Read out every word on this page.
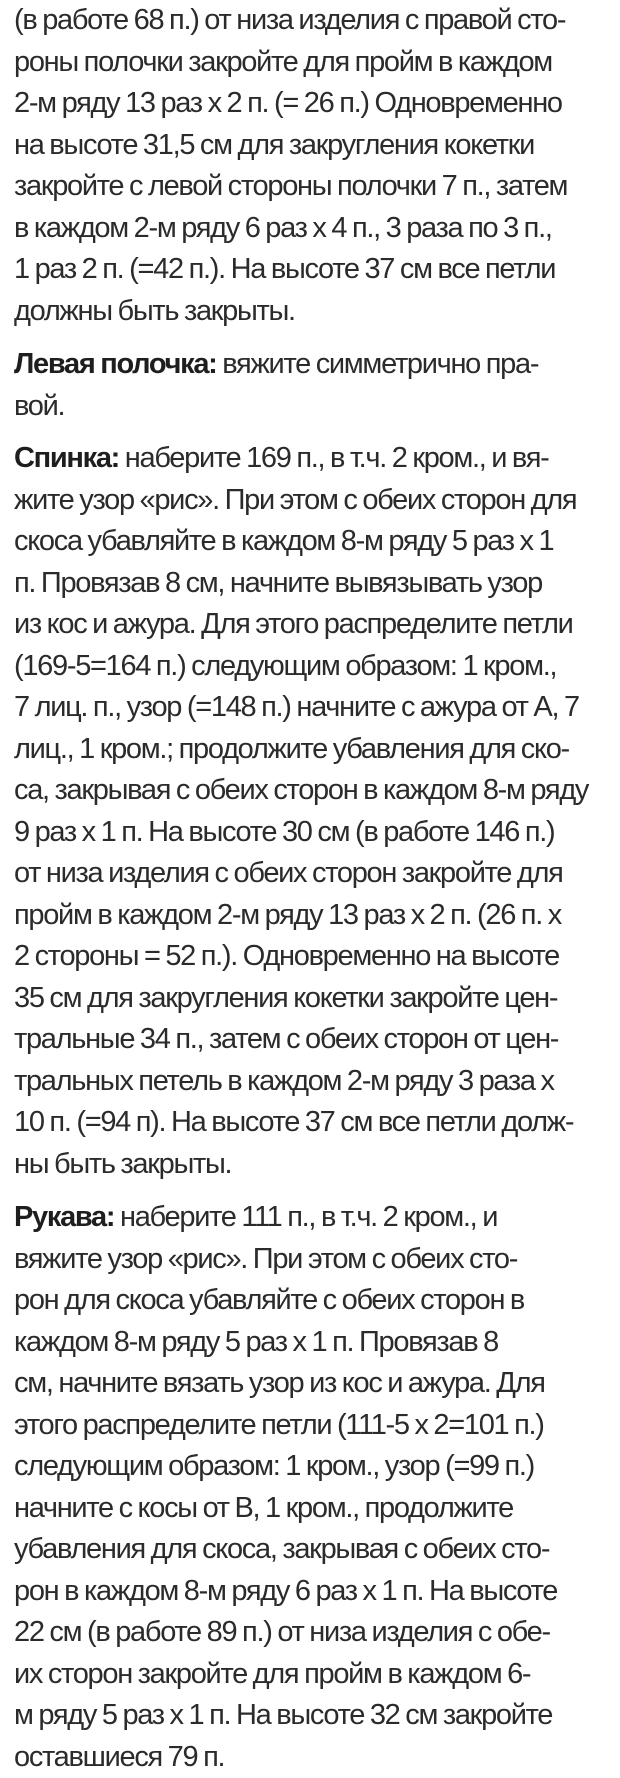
(в работе 68 п.) от низа изделия с правой сто-
роны полочки закройте для пройм в каждом
2-м ряду 13 раз x 2 п. (= 26 п.) Одновременно
на высоте 31,5 см для закругления кокетки
закройте с левой стороны полочки 7 п., затем
в каждом 2-м ряду 6 раз x 4 п., 3 раза по 3 п.,
1 раз 2 п. (=42 п.). На высоте 37 см все петли
должны быть закрыты.
Левая полочка: вяжите симметрично пра-
вой.
Спинка: наберите 169 п., в т.ч. 2 кром., и вя-
жите узор «рис». При этом с обеих сторон для
скоса убавляйте в каждом 8-м ряду 5 раз x 1
п. Провязав 8 см, начните вывязывать узор
из кос и ажура. Для этого распределите петли
(169-5=164 п.) следующим образом: 1 кром.,
7 лиц. п., узор (=148 п.) начните с ажура от А, 7
лиц., 1 кром.; продолжите убавления для ско-
са, закрывая с обеих сторон в каждом 8-м ряду
9 раз x 1 п. На высоте 30 см (в работе 146 п.)
от низа изделия с обеих сторон закройте для
пройм в каждом 2-м ряду 13 раз x 2 п. (26 п. x
2 стороны = 52 п.). Одновременно на высоте
35 см для закругления кокетки закройте цен-
тральные 34 п., затем с обеих сторон от цен-
тральных петель в каждом 2-м ряду 3 раза x
10 п. (=94 п). На высоте 37 см все петли долж-
ны быть закрыты.
Рукава: наберите 111 п., в т.ч. 2 кром., и
вяжите узор «рис». При этом с обеих сто-
рон для скоса убавляйте с обеих сторон в
каждом 8-м ряду 5 раз x 1 п. Провязав 8
см, начните вязать узор из кос и ажура. Для
этого распределите петли (111-5 x 2=101 п.)
следующим образом: 1 кром., узор (=99 п.)
начните с косы от В, 1 кром., продолжите
убавления для скоса, закрывая с обеих сто-
рон в каждом 8-м ряду 6 раз x 1 п. На высоте
22 см (в работе 89 п.) от низа изделия с обе-
их сторон закройте для пройм в каждом 6-
м ряду 5 раз x 1 п. На высоте 32 см закройте
оставшиеся 79 п.
